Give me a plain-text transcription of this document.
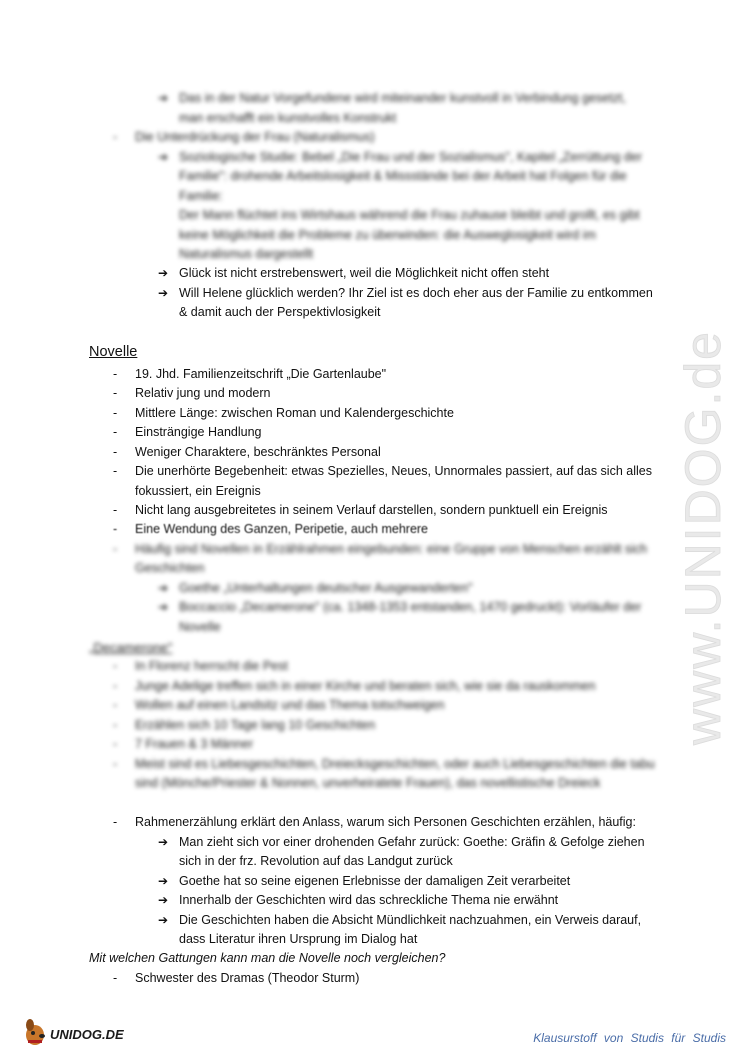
➔ Das in der Natur Vorgefundene wird miteinander kunstvoll in Verbindung gesetzt,
man erschafft ein kunstvolles Konstrukt
- Die Unterdrückung der Frau (Naturalismus)
➔ Soziologische Studie: Bebel „Die Frau und der Sozialismus", Kapitel „Zerrüttung der
Familie": drohende Arbeitslosigkeit & Missstände bei der Arbeit hat Folgen für die
Familie:
Der Mann flüchtet ins Wirtshaus während die Frau zuhause bleibt und grollt, es gibt
keine Möglichkeit die Probleme zu überwinden: die Ausweglosigkeit wird im
Naturalismus dargestellt
➔ Glück ist nicht erstrebenswert, weil die Möglichkeit nicht offen steht
➔ Will Helene glücklich werden? Ihr Ziel ist es doch eher aus der Familie zu entkommen
& damit auch der Perspektivlosigkeit
Novelle
- 19. Jhd. Familienzeitschrift „Die Gartenlaube"
- Relativ jung und modern
- Mittlere Länge: zwischen Roman und Kalendergeschichte
- Einsträngige Handlung
- Weniger Charaktere, beschränktes Personal
- Die unerhörte Begebenheit: etwas Spezielles, Neues, Unnormales passiert, auf das sich alles
fokussiert, ein Ereignis
- Nicht lang ausgebreitetes in seinem Verlauf darstellen, sondern punktuell ein Ereignis
- Eine Wendung des Ganzen, Peripetie, auch mehrere
- Häufig sind Novellen in Erzählrahmen eingebunden: eine Gruppe von Menschen erzählt sich
Geschichten
➔ Goethe „Unterhaltungen deutscher Ausgewanderten"
➔ Boccaccio „Decamerone" (ca. 1348-1353 entstanden, 1470 gedruckt): Vorläufer der
Novelle
„Decamerone"
- In Florenz herrscht die Pest
- Junge Adelige treffen sich in einer Kirche und beraten sich, wie sie da rauskommen
- Wollen auf einen Landsitz und das Thema totschweigen
- Erzählen sich 10 Tage lang 10 Geschichten
- 7 Frauen & 3 Männer
- Meist sind es Liebesgeschichten, Dreiecksgeschichten, oder auch Liebesgeschichten die tabu
sind (Mönche/Priester & Nonnen, unverheiratete Frauen), das novellistische Dreieck
- Rahmenerzählung erklärt den Anlass, warum sich Personen Geschichten erzählen, häufig:
➔ Man zieht sich vor einer drohenden Gefahr zurück: Goethe: Gräfin & Gefolge ziehen
sich in der frz. Revolution auf das Landgut zurück
➔ Goethe hat so seine eigenen Erlebnisse der damaligen Zeit verarbeitet
➔ Innerhalb der Geschichten wird das schreckliche Thema nie erwähnt
➔ Die Geschichten haben die Absicht Mündlichkeit nachzuahmen, ein Verweis darauf,
dass Literatur ihren Ursprung im Dialog hat
Mit welchen Gattungen kann man die Novelle noch vergleichen?
- Schwester des Dramas (Theodor Sturm)
www.UNIDOG.de
UNIDOG.DE	Klausurstoff von Studis für Studis
